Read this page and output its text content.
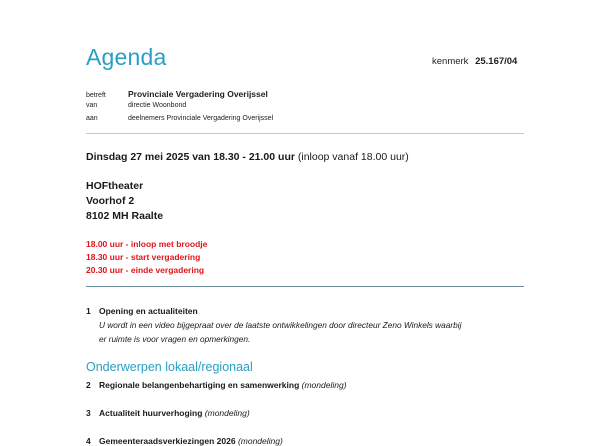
Agenda	kenmerk 25.167/04
betreft	Provinciale Vergadering Overijssel
van	directie Woonbond
aan	deelnemers Provinciale Vergadering Overijssel
Dinsdag 27 mei 2025 van 18.30 - 21.00 uur (inloop vanaf 18.00 uur)
HOFtheater
Voorhof 2
8102 MH Raalte
18.00 uur - inloop met broodje
18.30 uur - start vergadering
20.30 uur - einde vergadering
1 Opening en actualiteiten
U wordt in een video bijgepraat over de laatste ontwikkelingen door directeur Zeno Winkels waarbij
er ruimte is voor vragen en opmerkingen.
Onderwerpen lokaal/regionaal
2 Regionale belangenbehartiging en samenwerking (mondeling)
3 Actualiteit huurverhoging (mondeling)
4 Gemeenteraadsverkiezingen 2026 (mondeling)
